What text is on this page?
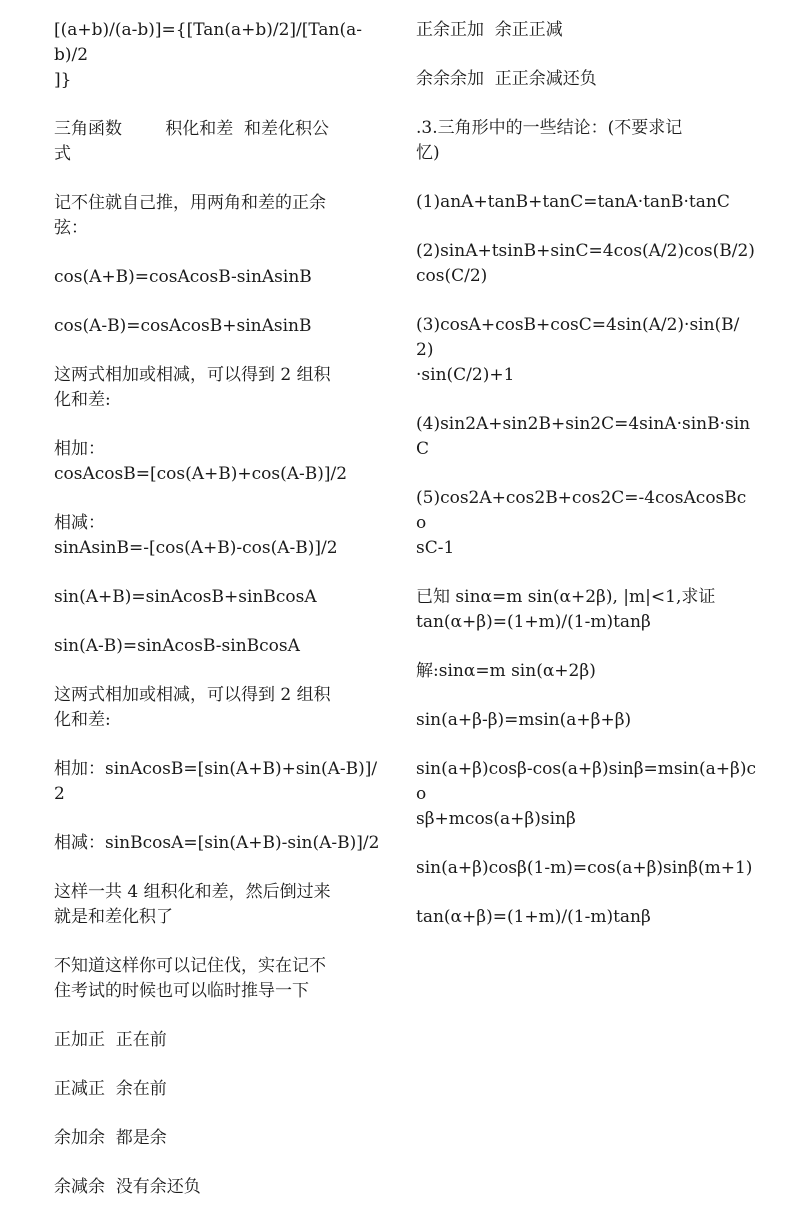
[(a+b)/(a-b)]={[Tan(a+b)/2]/[Tan(a-b)/2
]}

三角函数        积化和差  和差化积公
式

记不住就自己推，用两角和差的正余
弦：

cos(A+B)=cosAcosB-sinAsinB

cos(A-B)=cosAcosB+sinAsinB

这两式相加或相减，可以得到 2 组积
化和差:

相加：
cosAcosB=[cos(A+B)+cos(A-B)]/2

相减：
sinAsinB=-[cos(A+B)-cos(A-B)]/2

sin(A+B)=sinAcosB+sinBcosA

sin(A-B)=sinAcosB-sinBcosA

这两式相加或相减，可以得到 2 组积
化和差:

相加：sinAcosB=[sin(A+B)+sin(A-B)]/2

相减：sinBcosA=[sin(A+B)-sin(A-B)]/2

这样一共 4 组积化和差，然后倒过来
就是和差化积了

不知道这样你可以记住伐，实在记不
住考试的时候也可以临时推导一下

正加正  正在前

正减正  余在前

余加余  都是余

余减余  没有余还负

正余正加  余正正减

余余余加  正正余减还负

.3.三角形中的一些结论：(不要求记
忆)

(1)anA+tanB+tanC=tanA·tanB·tanC

(2)sinA+tsinB+sinC=4cos(A/2)cos(B/2)
cos(C/2)

(3)cosA+cosB+cosC=4sin(A/2)·sin(B/2)
·sin(C/2)+1

(4)sin2A+sin2B+sin2C=4sinA·sinB·sin
C

(5)cos2A+cos2B+cos2C=-4cosAcosBco
sC-1

已知 sinα=m sin(α+2β), |m|<1,求证
tan(α+β)=(1+m)/(1-m)tanβ

解:sinα=m sin(α+2β)

sin(a+β-β)=msin(a+β+β)

sin(a+β)cosβ-cos(a+β)sinβ=msin(a+β)co
sβ+mcos(a+β)sinβ

sin(a+β)cosβ(1-m)=cos(a+β)sinβ(m+1)

tan(α+β)=(1+m)/(1-m)tanβ
